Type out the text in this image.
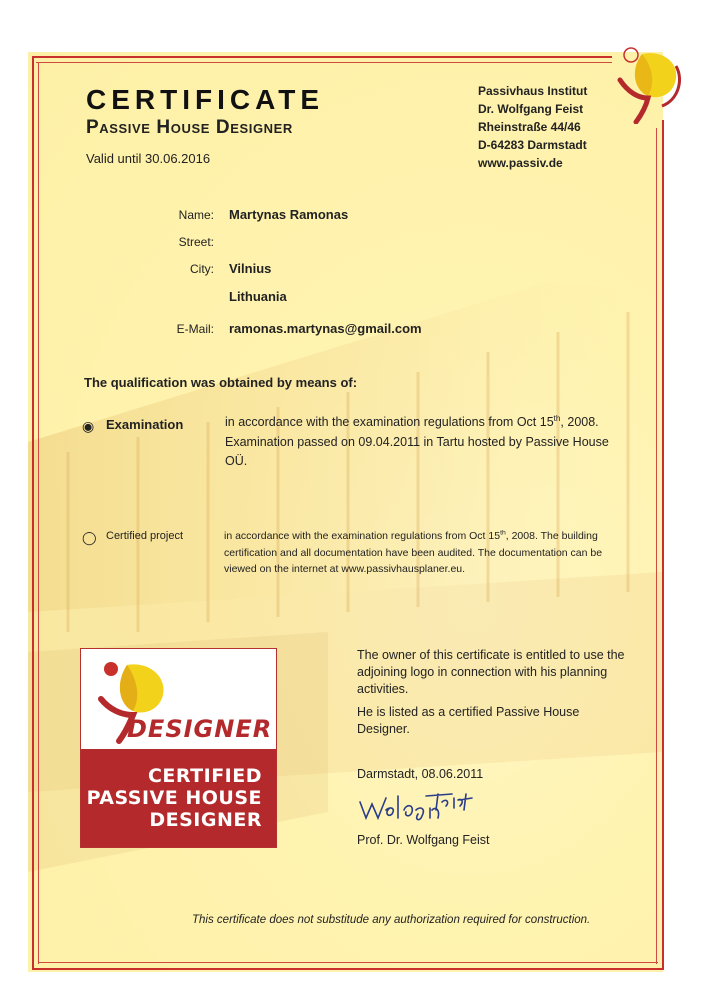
CERTIFICATE
Passive House Designer
Valid until 30.06.2016
Passivhaus Institut
Dr. Wolfgang Feist
Rheinstraße 44/46
D-64283 Darmstadt
www.passiv.de
Name: Martynas Ramonas
Street:
City: Vilnius
Lithuania
E-Mail: ramonas.martynas@gmail.com
The qualification was obtained by means of:
◉ Examination	in accordance with the examination regulations from Oct 15th, 2008. Examination passed on 09.04.2011 in Tartu hosted by Passive House OÜ.
◯ Certified project	in accordance with the examination regulations from Oct 15th, 2008. The building certification and all documentation have been audited. The documentation can be viewed on the internet at www.passivhausplaner.eu.
DESIGNER
CERTIFIED
PASSIVE HOUSE
DESIGNER
The owner of this certificate is entitled to use the adjoining logo in connection with his planning activities.
He is listed as a certified Passive House Designer.
Darmstadt, 08.06.2011
Prof. Dr. Wolfgang Feist
This certificate does not substitude any authorization required for construction.
